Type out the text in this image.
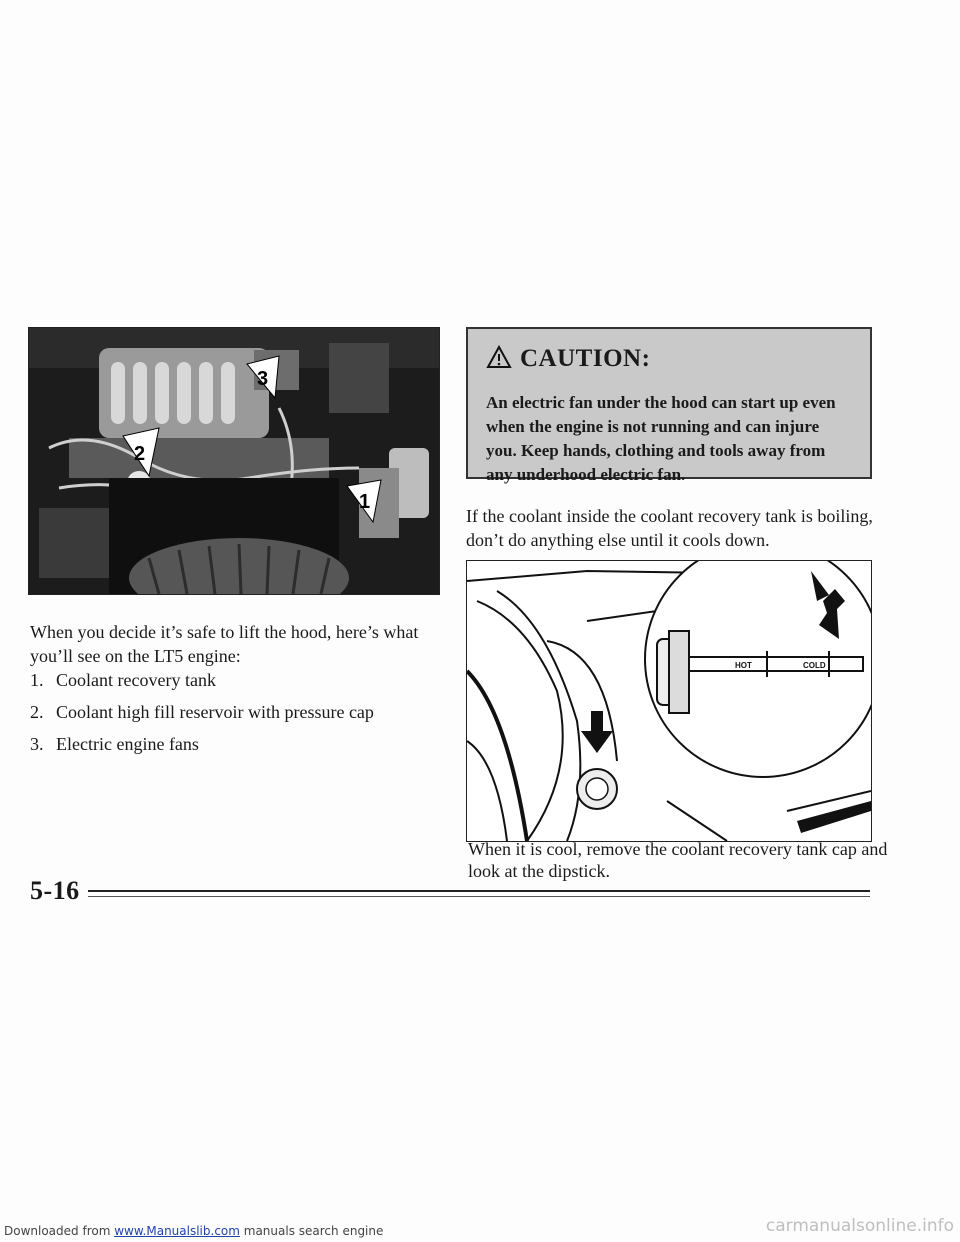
3
2
1

When you decide it’s safe to lift the hood, here’s what you’ll see on the LT5 engine:

1. Coolant recovery tank
2. Coolant high fill reservoir with pressure cap
3. Electric engine fans
CAUTION:

An electric fan under the hood can start up even when the engine is not running and can injure you. Keep hands, clothing and tools away from any underhood electric fan.

If the coolant inside the coolant recovery tank is boiling, don’t do anything else until it cools down.

HOT	COLD

When it is cool, remove the coolant recovery tank cap and look at the dipstick.

5-16
Downloaded from www.Manualslib.com manuals search engine	carmanualsonline.info
